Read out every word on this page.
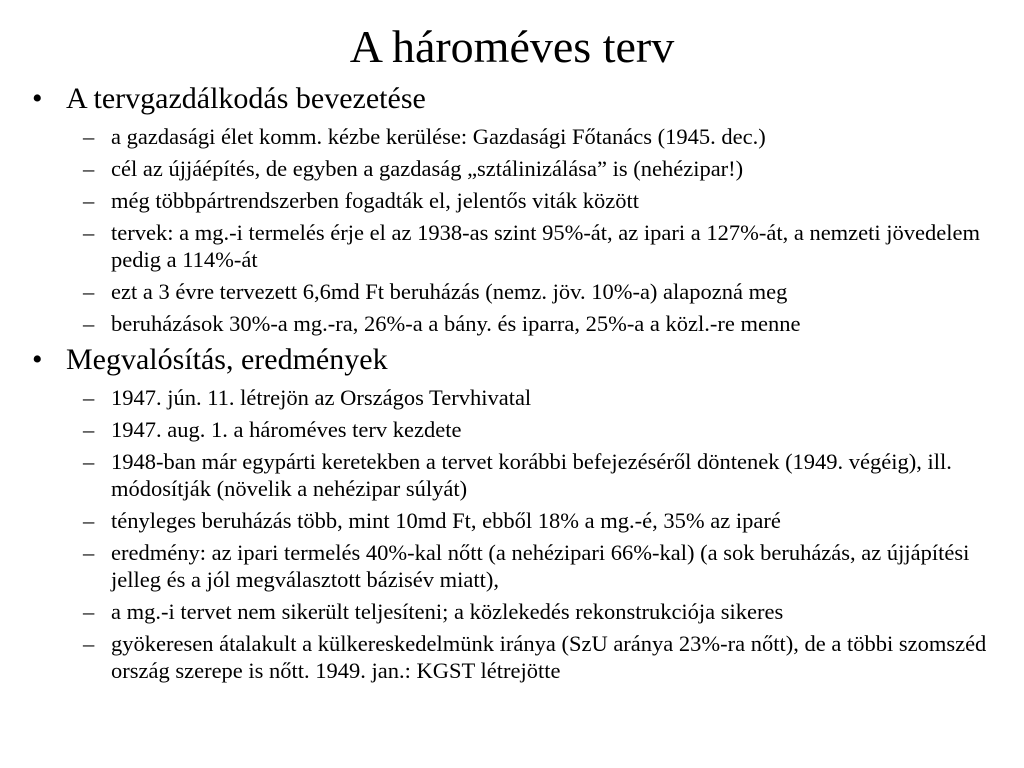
A hároméves terv
• A tervgazdálkodás bevezetése
– a gazdasági élet komm. kézbe kerülése: Gazdasági Főtanács (1945. dec.)
– cél az újjáépítés, de egyben a gazdaság „sztálinizálása” is (nehézipar!)
– még többpártrendszerben fogadták el, jelentős viták között
– tervek: a mg.-i termelés érje el az 1938-as szint 95%-át, az ipari a 127%-át, a nemzeti jövedelem pedig a 114%-át
– ezt a 3 évre tervezett 6,6md Ft beruházás (nemz. jöv. 10%-a) alapozná meg
– beruházások 30%-a mg.-ra, 26%-a a bány. és iparra, 25%-a a közl.-re menne
• Megvalósítás, eredmények
– 1947. jún. 11. létrejön az Országos Tervhivatal
– 1947. aug. 1. a hároméves terv kezdete
– 1948-ban már egypárti keretekben a tervet korábbi befejezéséről döntenek (1949. végéig), ill. módosítják (növelik a nehézipar súlyát)
– tényleges beruházás több, mint 10md Ft, ebből 18% a mg.-é, 35% az iparé
– eredmény: az ipari termelés 40%-kal nőtt (a nehézipari 66%-kal) (a sok beruházás, az újjápítési jelleg és a jól megválasztott bázisév miatt),
– a mg.-i tervet nem sikerült teljesíteni; a közlekedés rekonstrukciója sikeres
– gyökeresen átalakult a külkereskedelmünk iránya (SzU aránya 23%-ra nőtt), de a többi szomszéd ország szerepe is nőtt. 1949. jan.: KGST létrejötte
